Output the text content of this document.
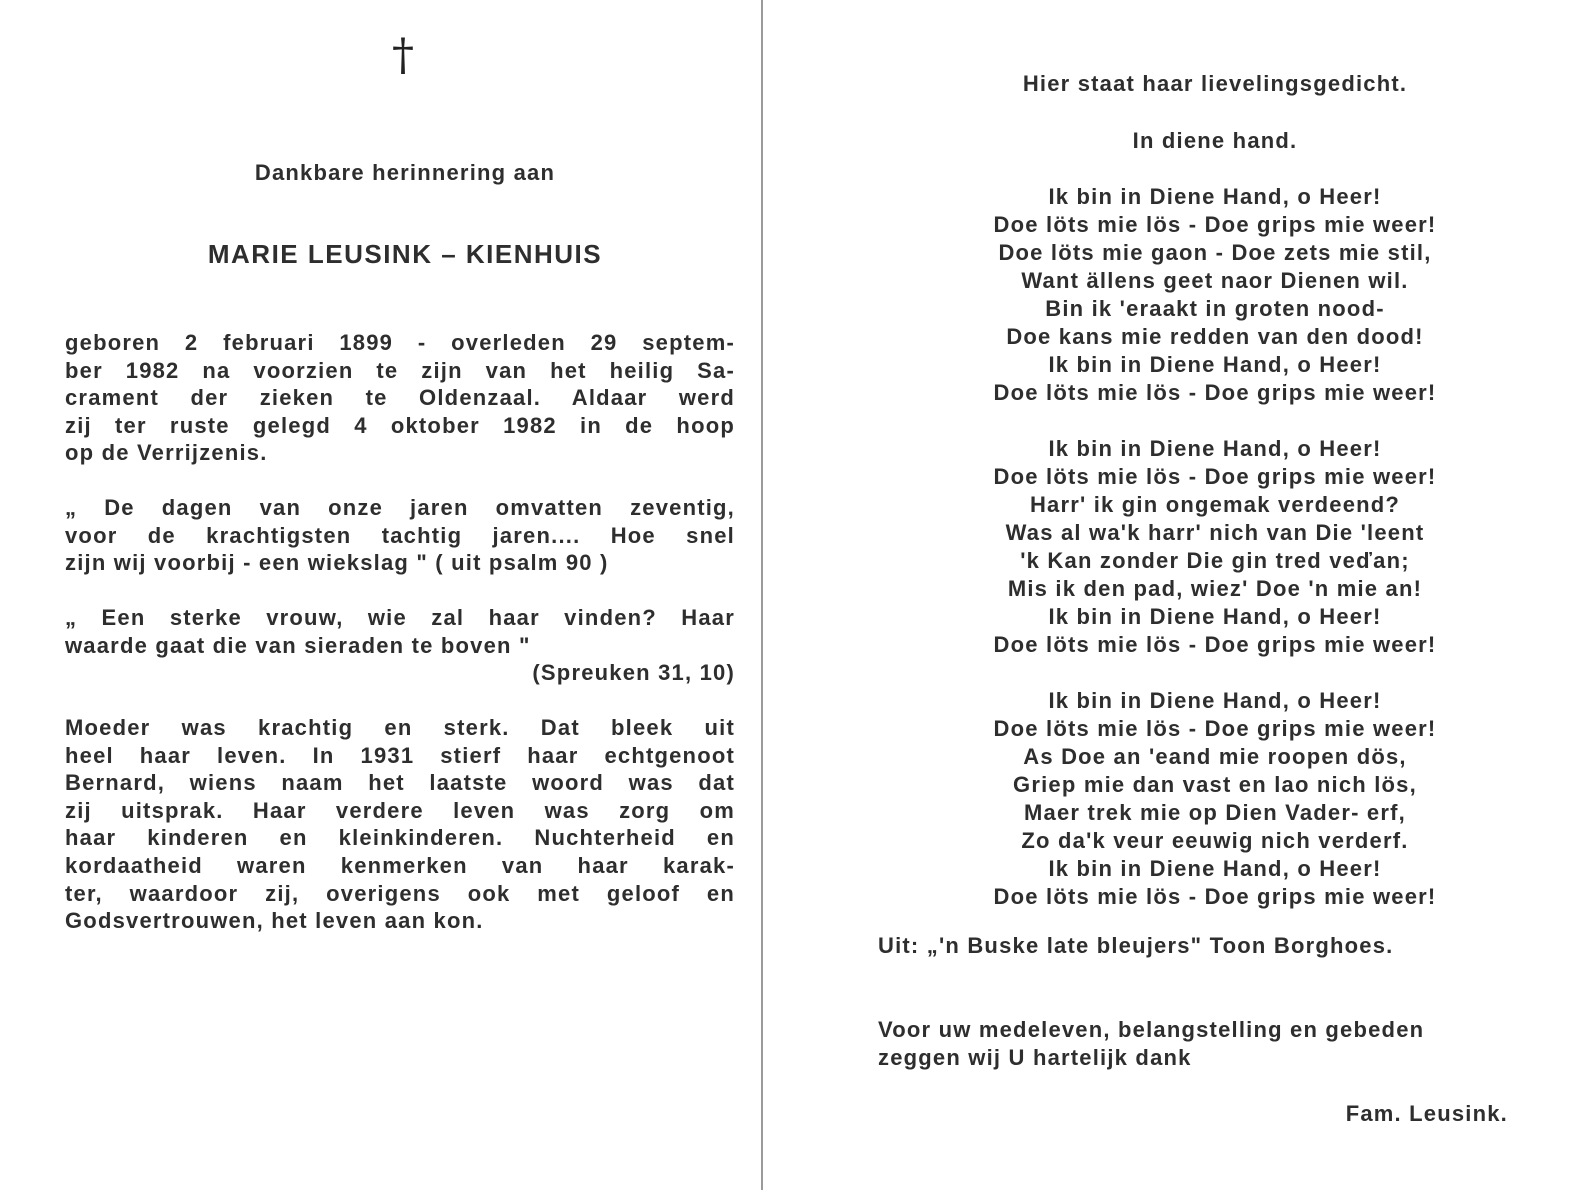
†
Dankbare herinnering aan
MARIE LEUSINK – KIENHUIS
geboren 2 februari 1899 - overleden 29 septem-
ber 1982 na voorzien te zijn van het heilig Sa-
crament der zieken te Oldenzaal. Aldaar werd
zij ter ruste gelegd 4 oktober 1982 in de hoop
op de Verrijzenis.
„ De dagen van onze jaren omvatten zeventig,
voor de krachtigsten tachtig jaren.... Hoe snel
zijn wij voorbij - een wiekslag " ( uit psalm 90 )
„ Een sterke vrouw, wie zal haar vinden? Haar
waarde gaat die van sieraden te boven "
(Spreuken 31, 10)
Moeder was krachtig en sterk. Dat bleek uit
heel haar leven. In 1931 stierf haar echtgenoot
Bernard, wiens naam het laatste woord was dat
zij uitsprak. Haar verdere leven was zorg om
haar kinderen en kleinkinderen. Nuchterheid en
kordaatheid waren kenmerken van haar karak-
ter, waardoor zij, overigens ook met geloof en
Godsvertrouwen, het leven aan kon.
Hier staat haar lievelingsgedicht.
In diene hand.
Ik bin in Diene Hand, o Heer!
Doe löts mie lös - Doe grips mie weer!
Doe löts mie gaon - Doe zets mie stil,
Want ällens geet naor Dienen wil.
Bin ik 'eraakt in groten nood-
Doe kans mie redden van den dood!
Ik bin in Diene Hand, o Heer!
Doe löts mie lös - Doe grips mie weer!
Ik bin in Diene Hand, o Heer!
Doe löts mie lös - Doe grips mie weer!
Harr' ik gin ongemak verdeend?
Was al wa'k harr' nich van Die 'leent
'k Kan zonder Die gin tred veďan;
Mis ik den pad, wiez' Doe 'n mie an!
Ik bin in Diene Hand, o Heer!
Doe löts mie lös - Doe grips mie weer!
Ik bin in Diene Hand, o Heer!
Doe löts mie lös - Doe grips mie weer!
As Doe an 'eand mie roopen dös,
Griep mie dan vast en lao nich lös,
Maer trek mie op Dien Vader- erf,
Zo da'k veur eeuwig nich verderf.
Ik bin in Diene Hand, o Heer!
Doe löts mie lös - Doe grips mie weer!
Uit: „'n Buske late bleujers" Toon Borghoes.
Voor uw medeleven, belangstelling en gebeden
zeggen wij U hartelijk dank
Fam. Leusink.
